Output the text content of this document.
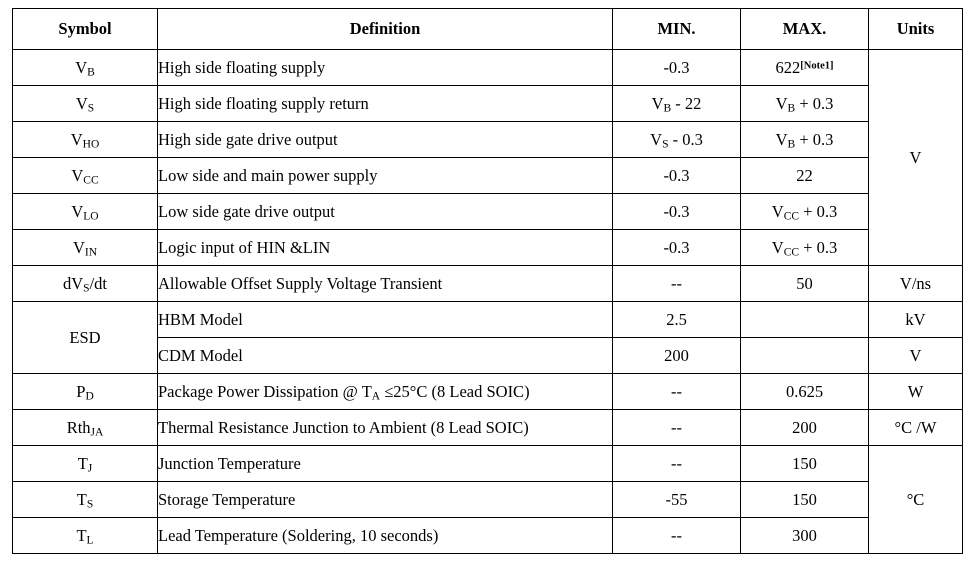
Symbol	Definition	MIN.	MAX.	Units
$V_B$	High side floating supply	-0.3	622[Note1]	V
$V_S$	High side floating supply return	$V_B - 22$	$V_B + 0.3$	
$V_{HO}$	High side gate drive output	$V_S - 0.3$	$V_B + 0.3$	
$V_{CC}$	Low side and main power supply	-0.3	22	
$V_{LO}$	Low side gate drive output	-0.3	$V_{CC} + 0.3$	
$V_{IN}$	Logic input of HIN &LIN	-0.3	$V_{CC} + 0.3$	
$dV_S/dt$	Allowable Offset Supply Voltage Transient	--	50	V/ns
ESD	HBM Model	2.5		kV
	CDM Model	200		V
$P_D$	Package Power Dissipation @ $T_A \le 25^\circ C$ (8 Lead SOIC)	--	0.625	W
Rth$_{JA}$	Thermal Resistance Junction to Ambient (8 Lead SOIC)	--	200	°C /W
$T_J$	Junction Temperature	--	150	°C
$T_S$	Storage Temperature	-55	150	
$T_L$	Lead Temperature (Soldering, 10 seconds)	--	300	
